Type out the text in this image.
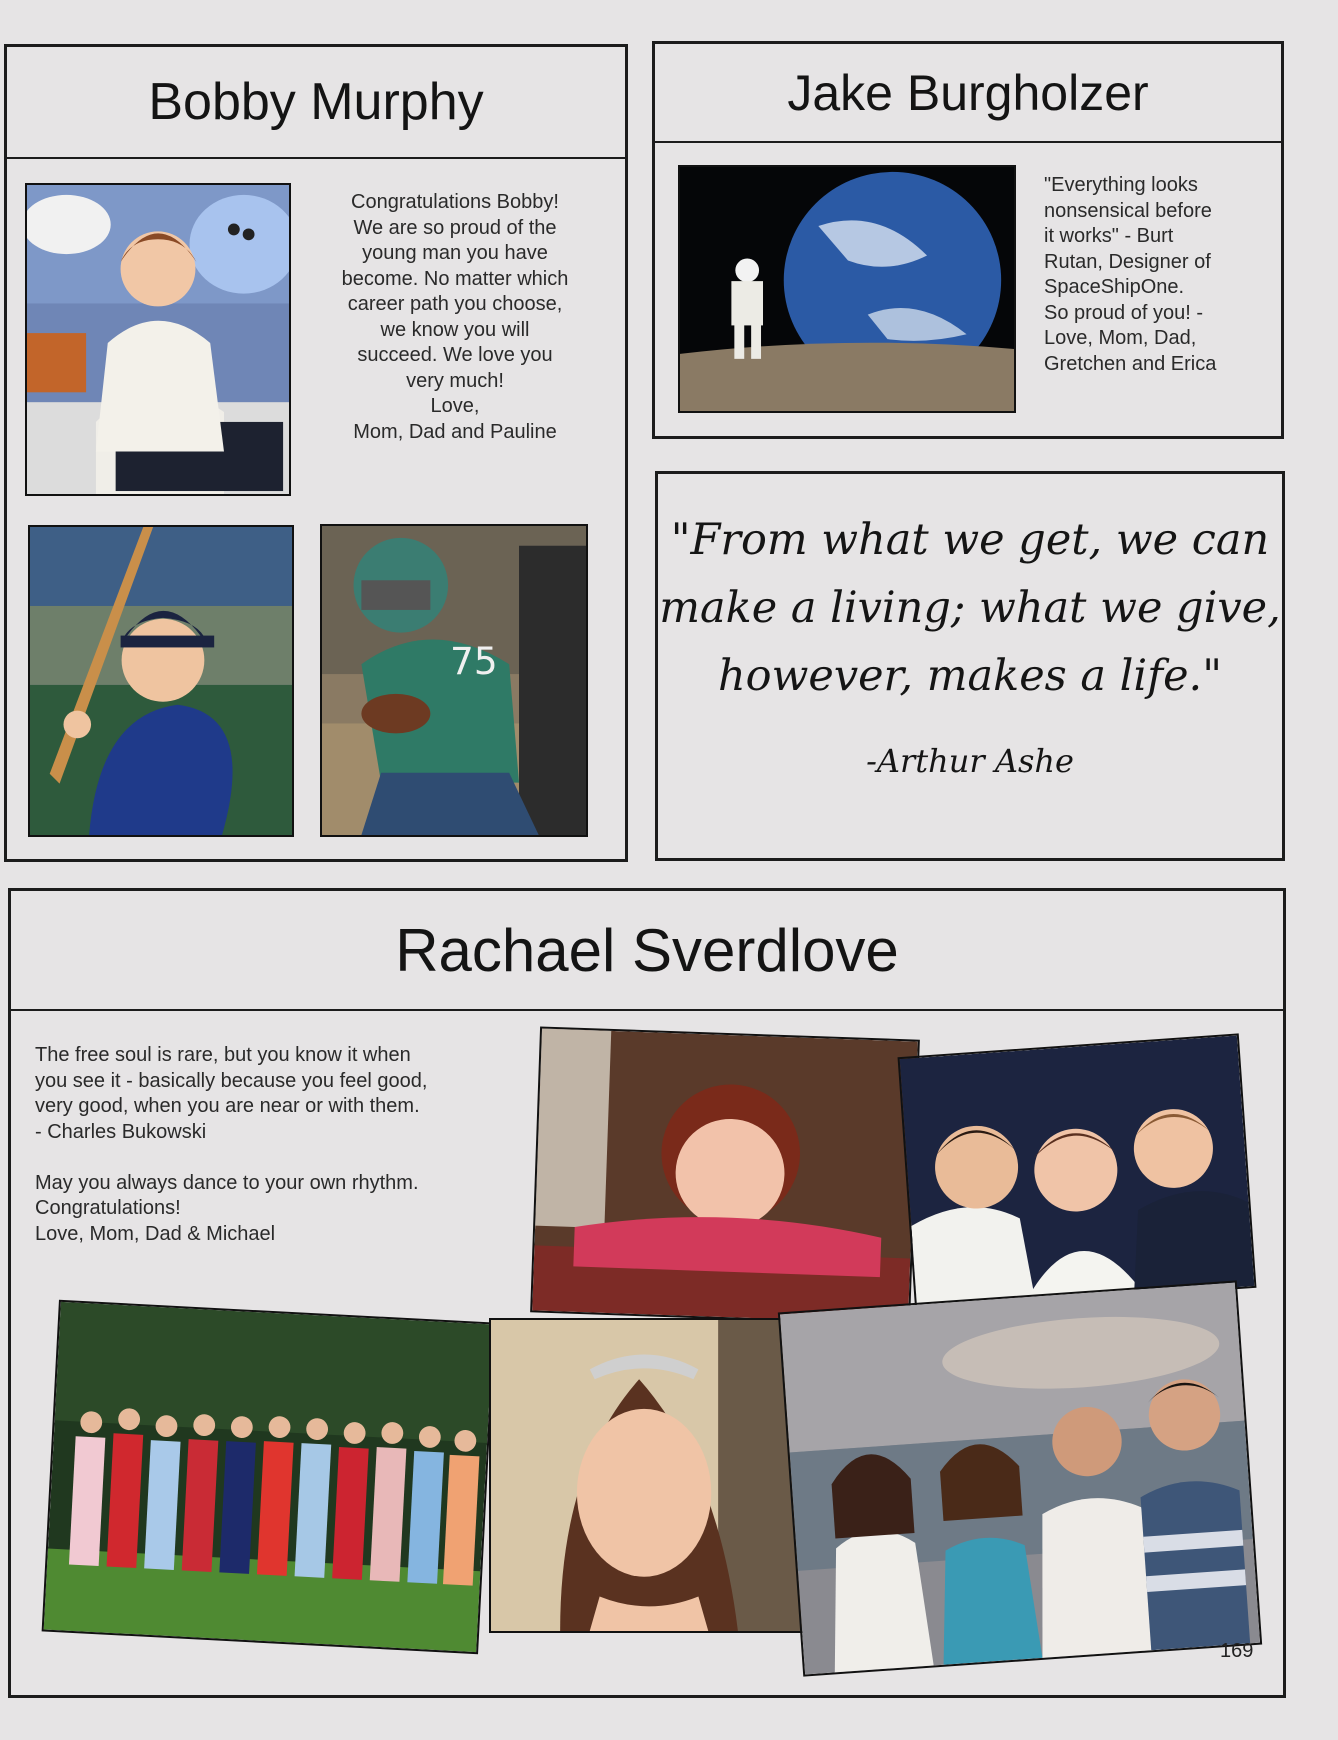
Bobby Murphy
Congratulations Bobby!
We are so proud of the
young man you have
become. No matter which
career path you choose,
we know you will
succeed. We love you
very much!
Love,
Mom, Dad and Pauline
75
Jake Burgholzer
"Everything looks
nonsensical before
it works" - Burt
Rutan, Designer of
SpaceShipOne.
So proud of you! -
Love, Mom, Dad,
Gretchen and Erica
"From what we get, we can
make a living; what we give,
however, makes a life."
-Arthur Ashe
Rachael Sverdlove
The free soul is rare, but you know it when
you see it - basically because you feel good,
very good, when you are near or with them.
- Charles Bukowski
May you always dance to your own rhythm.
Congratulations!
Love, Mom, Dad & Michael
169
